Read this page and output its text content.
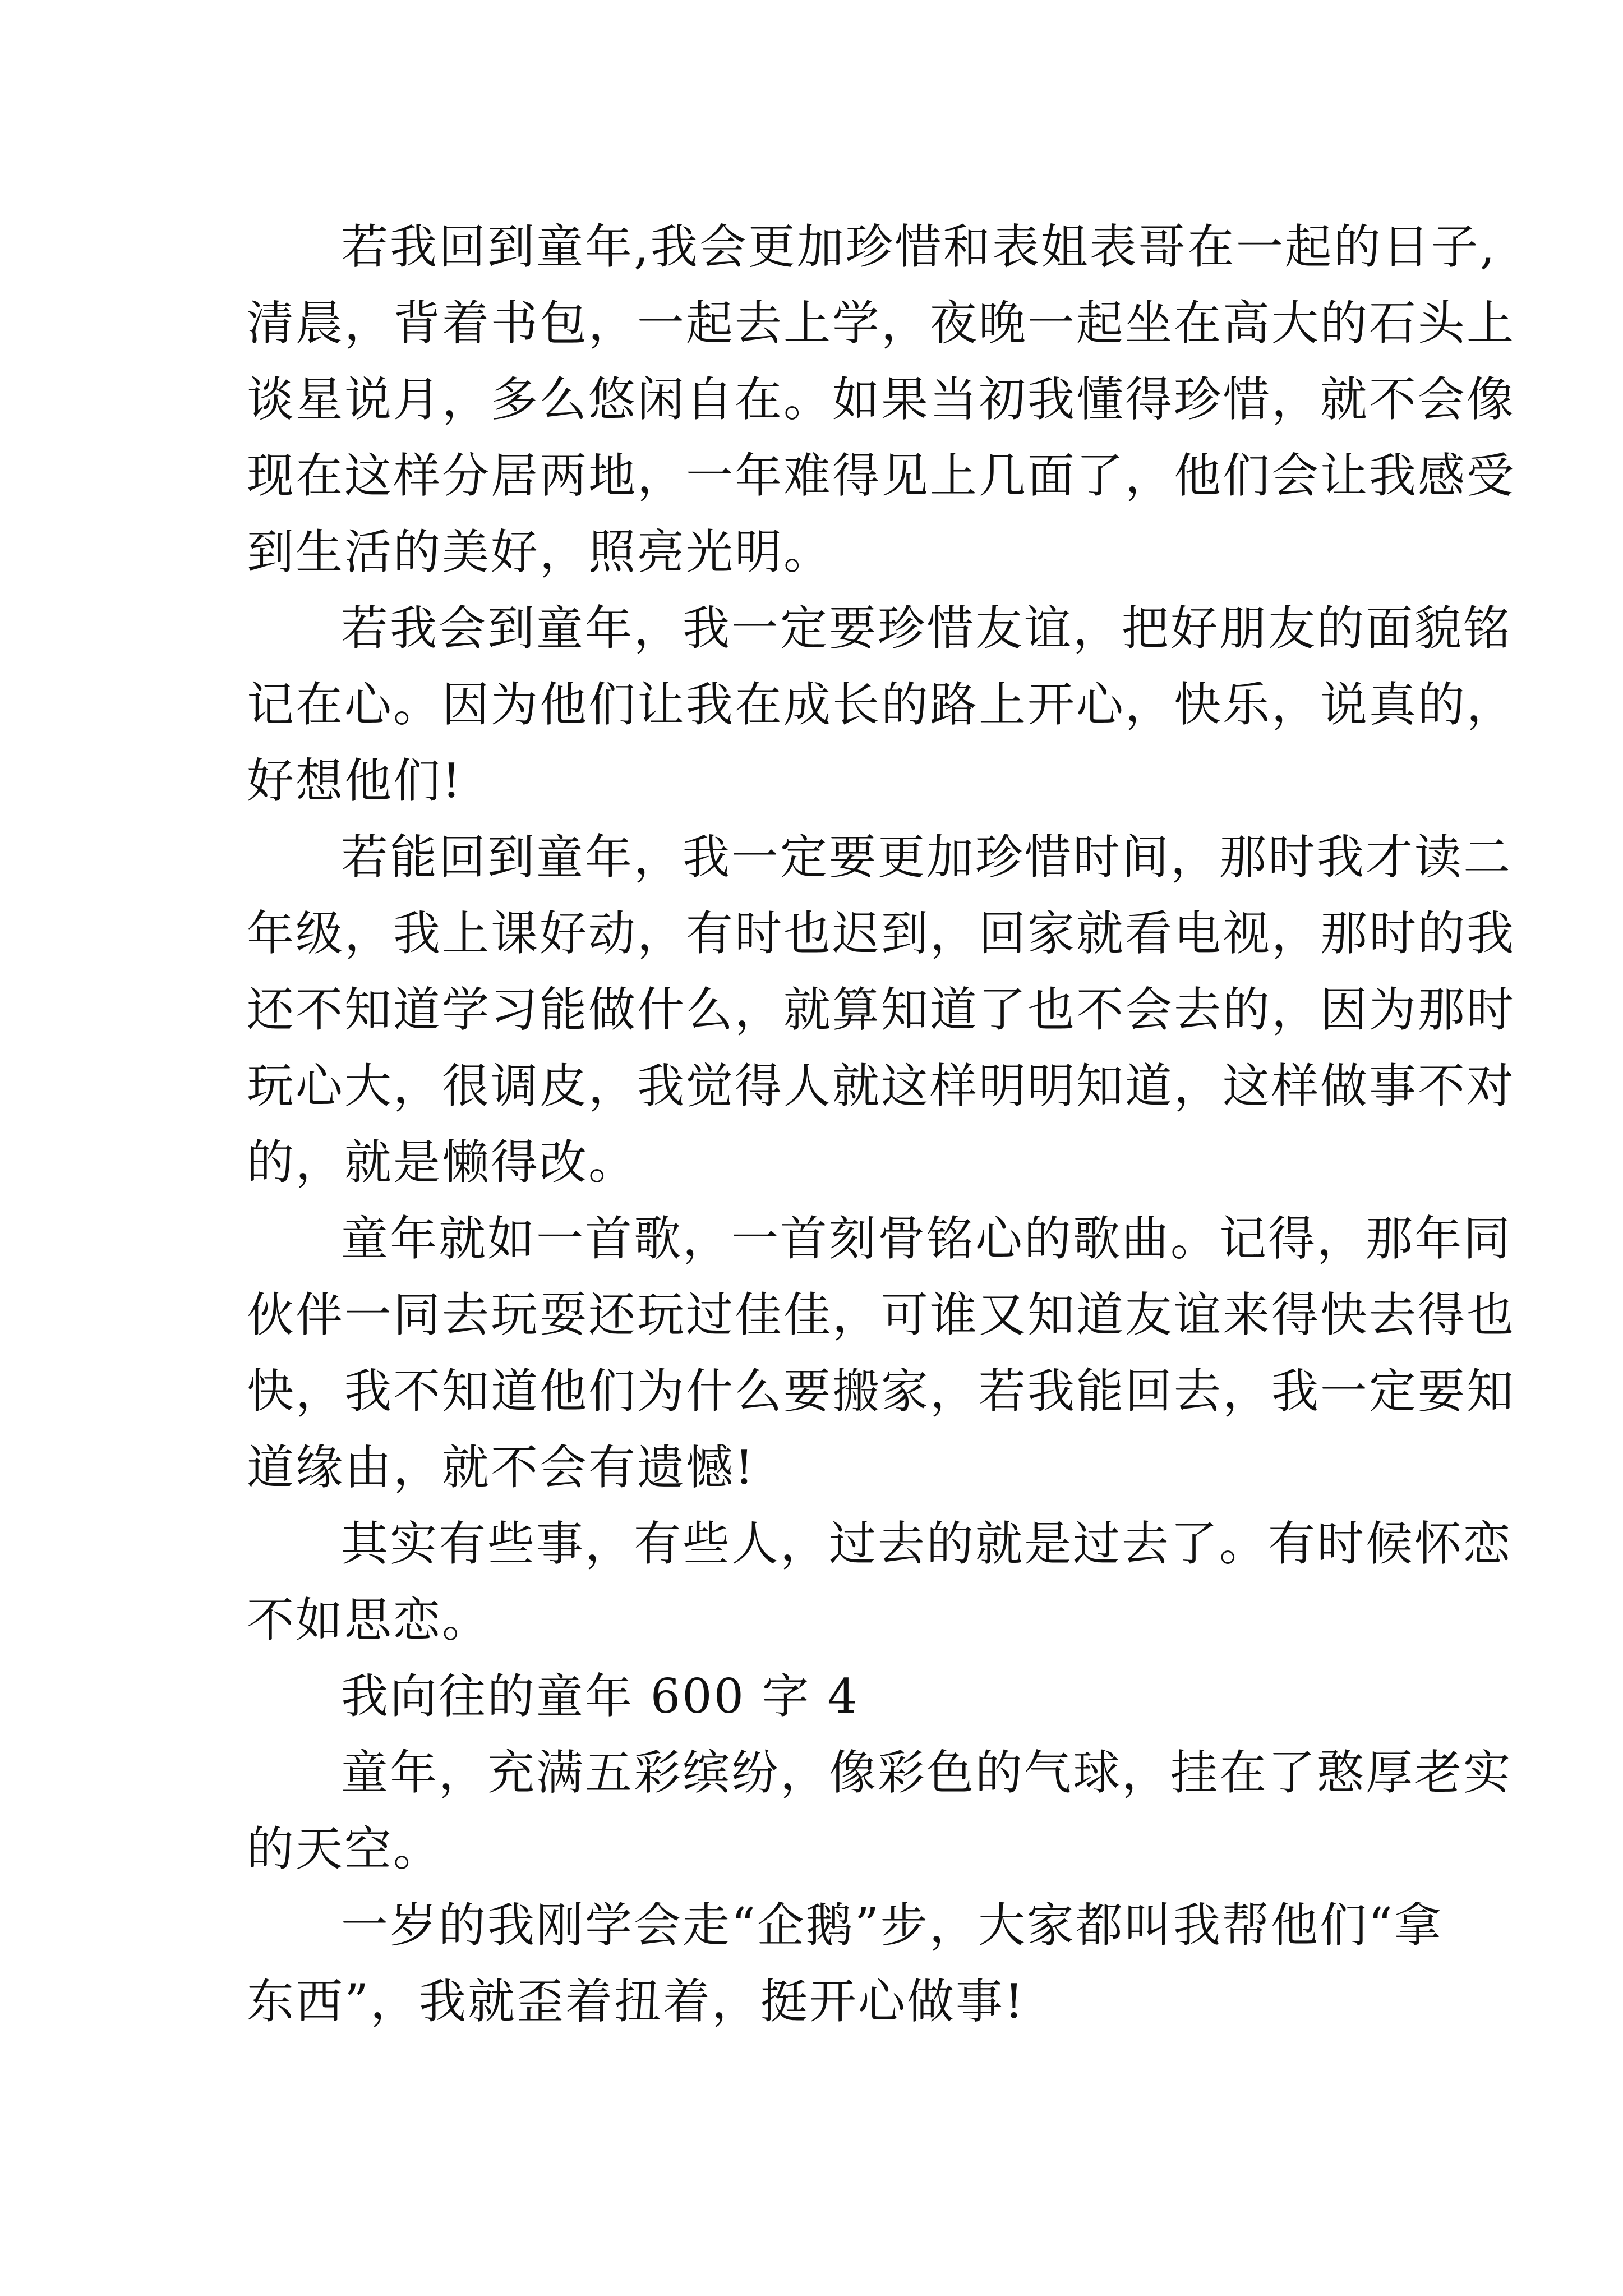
若我回到童年,我会更加珍惜和表姐表哥在一起的日子,
清晨，背着书包，一起去上学，夜晚一起坐在高大的石头上
谈星说月，多么悠闲自在。如果当初我懂得珍惜，就不会像
现在这样分居两地，一年难得见上几面了，他们会让我感受
到生活的美好，照亮光明。
若我会到童年，我一定要珍惜友谊，把好朋友的面貌铭
记在心。因为他们让我在成长的路上开心，快乐，说真的，
好想他们!
若能回到童年，我一定要更加珍惜时间，那时我才读二
年级，我上课好动，有时也迟到，回家就看电视，那时的我
还不知道学习能做什么，就算知道了也不会去的，因为那时
玩心大，很调皮，我觉得人就这样明明知道，这样做事不对
的，就是懒得改。
童年就如一首歌，一首刻骨铭心的歌曲。记得，那年同
伙伴一同去玩耍还玩过佳佳，可谁又知道友谊来得快去得也
快，我不知道他们为什么要搬家，若我能回去，我一定要知
道缘由，就不会有遗憾!
其实有些事，有些人，过去的就是过去了。有时候怀恋
不如思恋。
我向往的童年 600 字 4
童年，充满五彩缤纷，像彩色的气球，挂在了憨厚老实
的天空。
一岁的我刚学会走“企鹅”步，大家都叫我帮他们“拿
东西”，我就歪着扭着，挺开心做事!
